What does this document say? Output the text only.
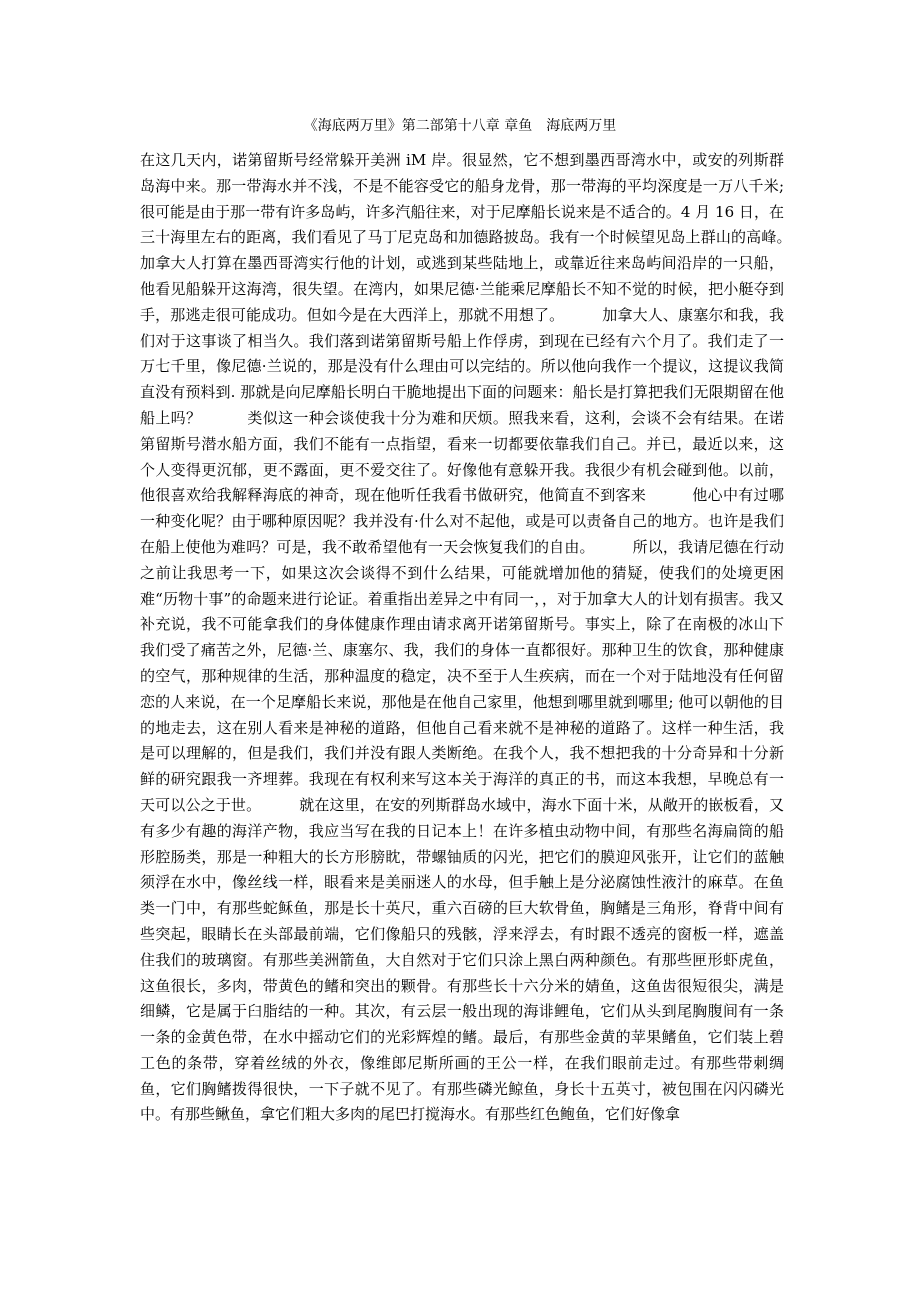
《海底两万里》第二部第十八章 章鱼　海底两万里
在这几天内，诺第留斯号经常躲开美洲 iM 岸。很显然，它不想到墨西哥湾水中，或安的列斯群岛海中来。那一带海水并不浅，不是不能容受它的船身龙骨，那一带海的平均深度是一万八千米; 很可能是由于那一带有许多岛屿，许多汽船往来，对于尼摩船长说来是不适合的。4 月 16 日，在三十海里左右的距离，我们看见了马丁尼克岛和加德路披岛。我有一个时候望见岛上群山的高峰。　　　加拿大人打算在墨西哥湾实行他的计划，或逃到某些陆地上，或靠近往来岛屿间沿岸的一只船，他看见船躲开这海湾，很失望。在湾内，如果尼德·兰能乘尼摩船长不知不觉的时候，把小艇夺到手，那逃走很可能成功。但如今是在大西洋上，那就不用想了。　　　加拿大人、康塞尔和我，我们对于这事谈了相当久。我们落到诺第留斯号船上作俘虏，到现在已经有六个月了。我们走了一万七千里，像尼德·兰说的，那是没有什么理由可以完结的。所以他向我作一个提议，这提议我简直没有预料到. 那就是向尼摩船长明白干脆地提出下面的问题来：船长是打算把我们无限期留在他船上吗？　　　类似这一种会谈使我十分为难和厌烦。照我来看，这利，会谈不会有结果。在诺第留斯号潜水船方面，我们不能有一点指望，看来一切都要依靠我们自己。并已，最近以来，这个人变得更沉郁，更不露面，更不爱交往了。好像他有意躲开我。我很少有机会碰到他。以前，他很喜欢给我解释海底的神奇，现在他听任我看书做研究，他简直不到客来　　　他心中有过哪一种变化呢？由于哪种原因呢？我并没有·什么对不起他，或是可以责备自己的地方。也许是我们在船上使他为难吗？可是，我不敢希望他有一天会恢复我们的自由。　　　所以，我请尼德在行动之前让我思考一下，如果这次会谈得不到什么结果，可能就增加他的猜疑，使我们的处境更困难“历物十事”的命题来进行论证。着重指出差异之中有同一，，对于加拿大人的计划有损害。我又补充说，我不可能拿我们的身体健康作理由请求离开诺第留斯号。事实上，除了在南极的冰山下我们受了痛苦之外，尼德·兰、康塞尔、我，我们的身体一直都很好。那种卫生的饮食，那种健康的空气，那种规律的生活，那种温度的稳定，决不至于人生疾病，而在一个对于陆地没有任何留恋的人来说，在一个足摩船长来说，那他是在他自己家里，他想到哪里就到哪里; 他可以朝他的目的地走去，这在别人看来是神秘的道路，但他自己看来就不是神秘的道路了。这样一种生活，我是可以理解的，但是我们，我们并没有跟人类断绝。在我个人，我不想把我的十分奇异和十分新鲜的研究跟我一齐埋葬。我现在有权利来写这本关于海洋的真正的书，而这本我想，早晚总有一天可以公之于世。　　　就在这里，在安的列斯群岛水域中，海水下面十米，从敞开的嵌板看，又有多少有趣的海洋产物，我应当写在我的日记本上！在许多植虫动物中间，有那些名海扁筒的船形腔肠类，那是一种粗大的长方形膀眈，带螺铀质的闪光，把它们的膜迎风张开，让它们的蓝触须浮在水中，像丝线一样，眼看来是美丽迷人的水母，但手触上是分泌腐蚀性液汁的麻草。在鱼类一门中，有那些蛇稣鱼，那是长十英尺，重六百磅的巨大软骨鱼，胸鳍是三角形，脊背中间有些突起，眼睛长在头部最前端，它们像船只的残骸，浮来浮去，有时跟不透亮的窗板一样，遮盖住我们的玻璃窗。有那些美洲箭鱼，大自然对于它们只涂上黑白两种颜色。有那些匣形虾虎鱼，这鱼很长，多肉，带黄色的鳍和突出的颗骨。有那些长十六分米的婧鱼，这鱼齿很短很尖，满是细鳞，它是属于臼脂结的一种。其次，有云层一般出现的海诽鲤龟，它们从头到尾胸腹间有一条一条的金黄色带，在水中摇动它们的光彩辉煌的鳍。最后，有那些金黄的苹果鳍鱼，它们装上碧工色的条带，穿着丝绒的外衣，像维郎尼斯所画的王公一样，在我们眼前走过。有那些带刺绸鱼，它们胸鳍拨得很快，一下子就不见了。有那些磷光鲸鱼，身长十五英寸，被包围在闪闪磷光中。有那些鳅鱼，拿它们粗大多肉的尾巴打搅海水。有那些红色鲍鱼，它们好像拿
